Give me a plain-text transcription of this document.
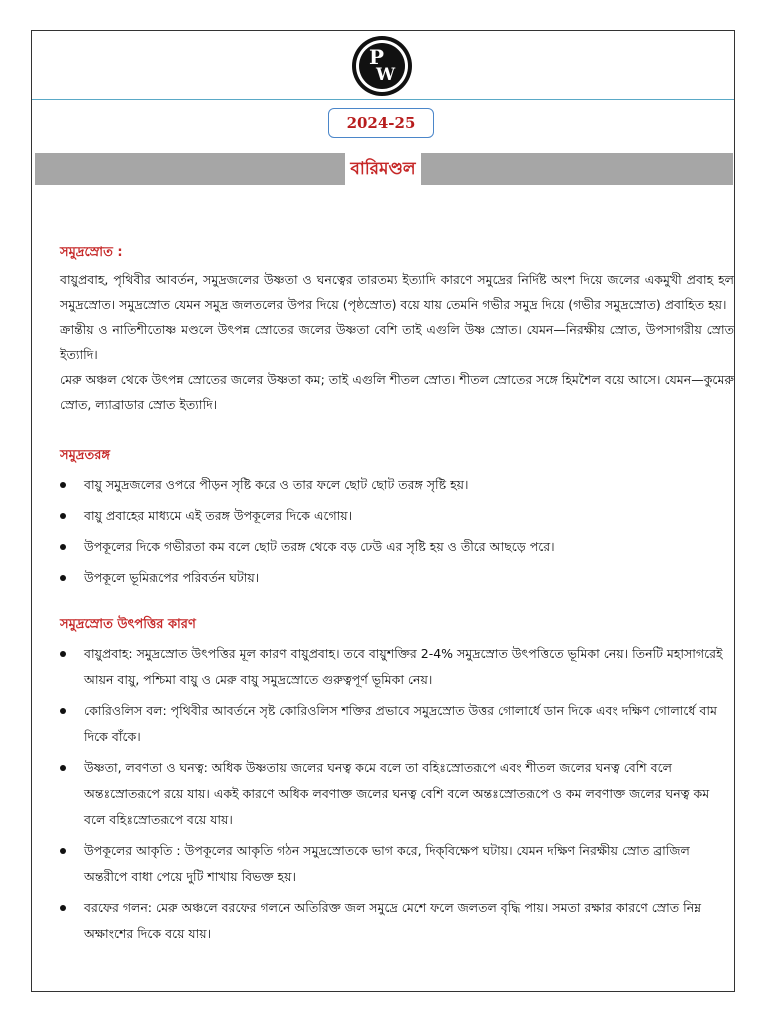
P
W
2024-25
বারিমণ্ডল
সমুদ্রস্রোত :

বায়ুপ্রবাহ, পৃথিবীর আবর্তন, সমুদ্রজলের উষ্ণতা ও ঘনত্বের তারতম্য ইত্যাদি কারণে সমুদ্রের নির্দিষ্ট অংশ দিয়ে জলের একমুখী প্রবাহ হল সমুদ্রস্রোত। সমুদ্রস্রোত যেমন সমুদ্র জলতলের উপর দিয়ে (পৃষ্ঠস্রোত) বয়ে যায় তেমনি গভীর সমুদ্র দিয়ে (গভীর সমুদ্রস্রোত) প্রবাহিত হয়।

ক্রান্তীয় ও নাতিশীতোষ্ণ মণ্ডলে উৎপন্ন স্রোতের জলের উষ্ণতা বেশি তাই এগুলি উষ্ণ স্রোত। যেমন—নিরক্ষীয় স্রোত, উপসাগরীয় স্রোত ইত্যাদি।

মেরু অঞ্চল থেকে উৎপন্ন স্রোতের জলের উষ্ণতা কম; তাই এগুলি শীতল স্রোত। শীতল স্রোতের সঙ্গে হিমশৈল বয়ে আসে। যেমন—কুমেরু স্রোত, ল্যাব্রাডার স্রোত ইত্যাদি।

সমুদ্রতরঙ্গ
বায়ু সমুদ্রজলের ওপরে পীড়ন সৃষ্টি করে ও তার ফলে ছোট ছোট তরঙ্গ সৃষ্টি হয়।
বায়ু প্রবাহের মাধ্যমে এই তরঙ্গ উপকূলের দিকে এগোয়।
উপকূলের দিকে গভীরতা কম বলে ছোট তরঙ্গ থেকে বড় ঢেউ এর সৃষ্টি হয় ও তীরে আছড়ে পরে।
উপকূলে ভূমিরূপের পরিবর্তন ঘটায়।
সমুদ্রস্রোত উৎপত্তির কারণ
বায়ুপ্রবাহ: সমুদ্রস্রোত উৎপত্তির মূল কারণ বায়ুপ্রবাহ। তবে বায়ুশক্তির 2-4% সমুদ্রস্রোত উৎপত্তিতে ভূমিকা নেয়। তিনটি মহাসাগরেই আয়ন বায়ু, পশ্চিমা বায়ু ও মেরু বায়ু সমুদ্রস্রোতে গুরুত্বপূর্ণ ভূমিকা নেয়।
কোরিওলিস বল: পৃথিবীর আবর্তনে সৃষ্ট কোরিওলিস শক্তির প্রভাবে সমুদ্রস্রোত উত্তর গোলার্ধে ডান দিকে এবং দক্ষিণ গোলার্ধে বাম দিকে বাঁকে।
উষ্ণতা, লবণতা ও ঘনত্ব: অধিক উষ্ণতায় জলের ঘনত্ব কমে বলে তা বহিঃস্রোতরূপে এবং শীতল জলের ঘনত্ব বেশি বলে অন্তঃস্রোতরূপে রয়ে যায়। একই কারণে অধিক লবণাক্ত জলের ঘনত্ব বেশি বলে অন্তঃস্রোতরূপে ও কম লবণাক্ত জলের ঘনত্ব কম বলে বহিঃস্রোতরূপে বয়ে যায়।
উপকূলের আকৃতি : উপকূলের আকৃতি গঠন সমুদ্রস্রোতকে ভাগ করে, দিক্‌বিক্ষেপ ঘটায়। যেমন দক্ষিণ নিরক্ষীয় স্রোত ব্রাজিল অন্তরীপে বাধা পেয়ে দুটি শাখায় বিভক্ত হয়।
বরফের গলন: মেরু অঞ্চলে বরফের গলনে অতিরিক্ত জল সমুদ্রে মেশে ফলে জলতল বৃদ্ধি পায়। সমতা রক্ষার কারণে স্রোত নিম্ন অক্ষাংশের দিকে বয়ে যায়।
